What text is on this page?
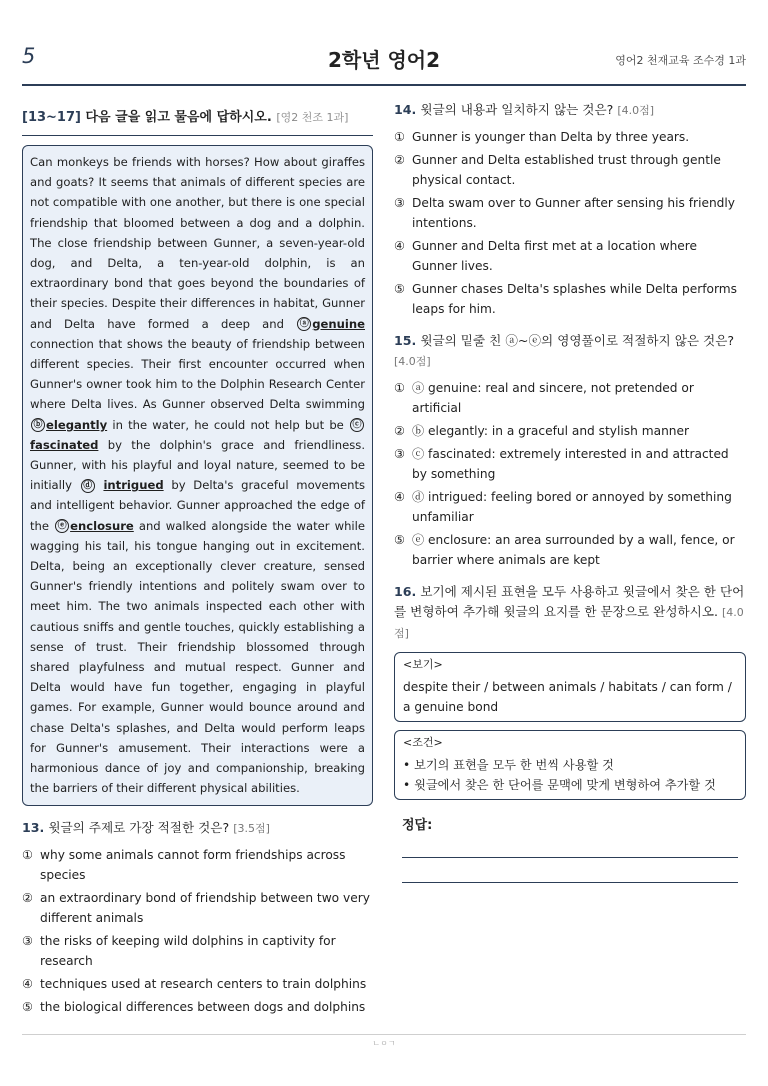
5	2학년 영어2	영어2 천재교육 조수경 1과
[13~17] 다음 글을 읽고 물음에 답하시오. [영2 천조 1과]
Can monkeys be friends with horses? How about giraffes and goats? It seems that animals of different species are not compatible with one another, but there is one special friendship that bloomed between a dog and a dolphin. The close friendship between Gunner, a seven-year-old dog, and Delta, a ten-year-old dolphin, is an extraordinary bond that goes beyond the boundaries of their species. Despite their differences in habitat, Gunner and Delta have formed a deep and ⓐ genuine connection that shows the beauty of friendship between different species. Their first encounter occurred when Gunner's owner took him to the Dolphin Research Center where Delta lives. As Gunner observed Delta swimming ⓑ elegantly in the water, he could not help but be ⓒ fascinated by the dolphin's grace and friendliness. Gunner, with his playful and loyal nature, seemed to be initially ⓓ intrigued by Delta's graceful movements and intelligent behavior. Gunner approached the edge of the ⓔ enclosure and walked alongside the water while wagging his tail, his tongue hanging out in excitement. Delta, being an exceptionally clever creature, sensed Gunner's friendly intentions and politely swam over to meet him. The two animals inspected each other with cautious sniffs and gentle touches, quickly establishing a sense of trust. Their friendship blossomed through shared playfulness and mutual respect. Gunner and Delta would have fun together, engaging in playful games. For example, Gunner would bounce around and chase Delta's splashes, and Delta would perform leaps for Gunner's amusement. Their interactions were a harmonious dance of joy and companionship, breaking the barriers of their different physical abilities.
13. 윗글의 주제로 가장 적절한 것은? [3.5점]
① why some animals cannot form friendships across species
② an extraordinary bond of friendship between two very different animals
③ the risks of keeping wild dolphins in captivity for research
④ techniques used at research centers to train dolphins
⑤ the biological differences between dogs and dolphins
14. 윗글의 내용과 일치하지 않는 것은? [4.0점]
① Gunner is younger than Delta by three years.
② Gunner and Delta established trust through gentle physical contact.
③ Delta swam over to Gunner after sensing his friendly intentions.
④ Gunner and Delta first met at a location where Gunner lives.
⑤ Gunner chases Delta's splashes while Delta performs leaps for him.
15. 윗글의 밑줄 친 ⓐ~ⓔ의 영영풀이로 적절하지 않은 것은? [4.0점]
① ⓐ genuine: real and sincere, not pretended or artificial
② ⓑ elegantly: in a graceful and stylish manner
③ ⓒ fascinated: extremely interested in and attracted by something
④ ⓓ intrigued: feeling bored or annoyed by something unfamiliar
⑤ ⓔ enclosure: an area surrounded by a wall, fence, or barrier where animals are kept
16. 보기에 제시된 표현을 모두 사용하고 윗글에서 찾은 한 단어를 변형하여 추가해 윗글의 요지를 한 문장으로 완성하시오. [4.0점]
<보기>
despite their / between animals / habitats / can form / a genuine bond
<조건>
• 보기의 표현을 모두 한 번씩 사용할 것
• 윗글에서 찾은 한 단어를 문맥에 맞게 변형하여 추가할 것
정답:
ㄴㅇㄱ
